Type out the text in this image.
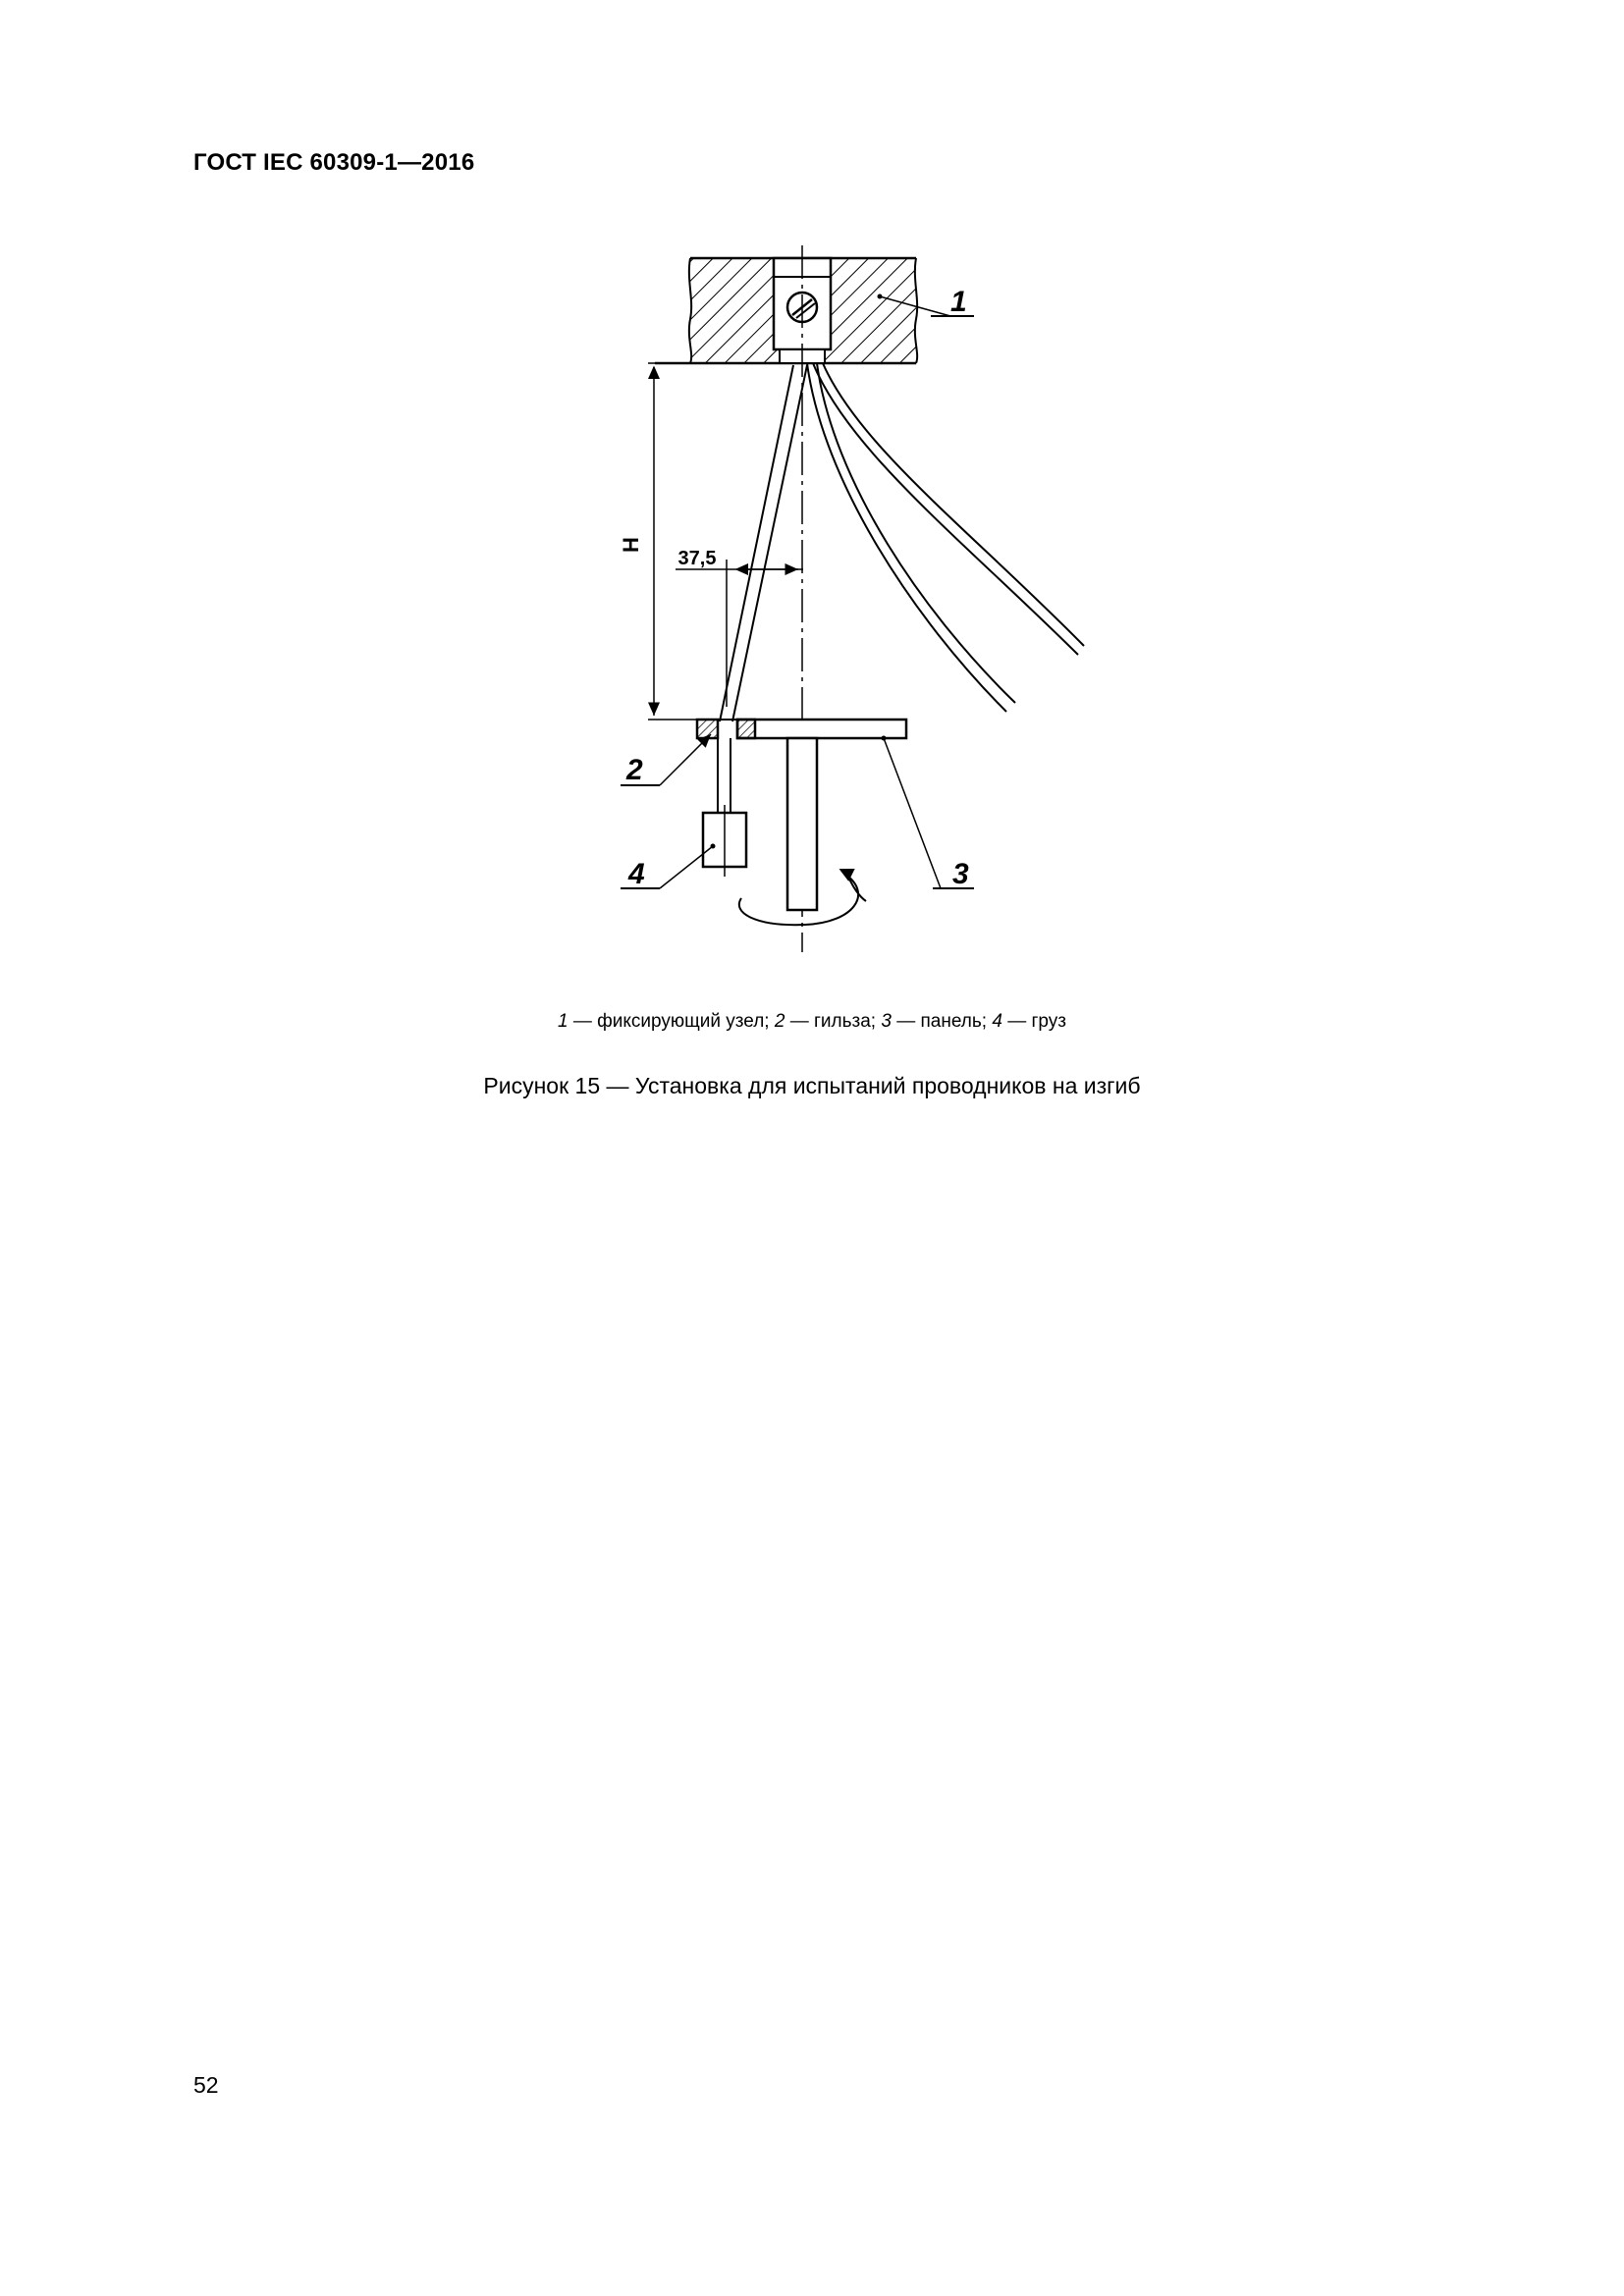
ГОСТ IEC 60309-1—2016
H
37,5
1
2
3
4
1 — фиксирующий узел; 2 — гильза; 3 — панель; 4 — груз
Рисунок 15 — Установка для испытаний проводников на изгиб
52
